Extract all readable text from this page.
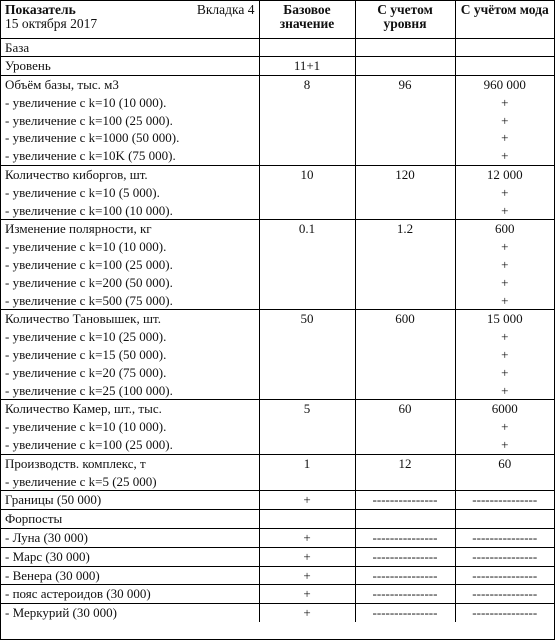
Показатель
15 октября 2017
Вкладка 4	Базовое значение	С учетом уровня	С учётом мода
База			
Уровень	11+1		
Объём базы, тыс. м3	8	96	960 000
- увеличение с k=10 (10 000).			+
- увеличение с k=100 (25 000).			+
- увеличение с k=1000 (50 000).			+
- увеличение с k=10K (75 000).			+
Количество киборгов, шт.	10	120	12 000
- увеличение с k=10 (5 000).			+
- увеличение с k=100 (10 000).			+
Изменение полярности, кг	0.1	1.2	600
- увеличение с k=10 (10 000).			+
- увеличение с k=100 (25 000).			+
- увеличение с k=200 (50 000).			+
- увеличение с k=500 (75 000).			+
Количество Тановышек, шт.	50	600	15 000
- увеличение с k=10 (25 000).			+
- увеличение с k=15 (50 000).			+
- увеличение с k=20 (75 000).			+
- увеличение с k=25 (100 000).			+
Количество Камер, шт., тыс.	5	60	6000
- увеличение с k=10 (10 000).			+
- увеличение с k=100 (25 000).			+
Производств. комплекс, т	1	12	60
- увеличение с k=5 (25 000)			
Границы (50 000)	+	---------------	---------------
Форпосты			
- Луна (30 000)	+	---------------	---------------
- Марс (30 000)	+	---------------	---------------
- Венера (30 000)	+	---------------	---------------
- пояс астероидов (30 000)	+	---------------	---------------
- Меркурий (30 000)	+	---------------	---------------
